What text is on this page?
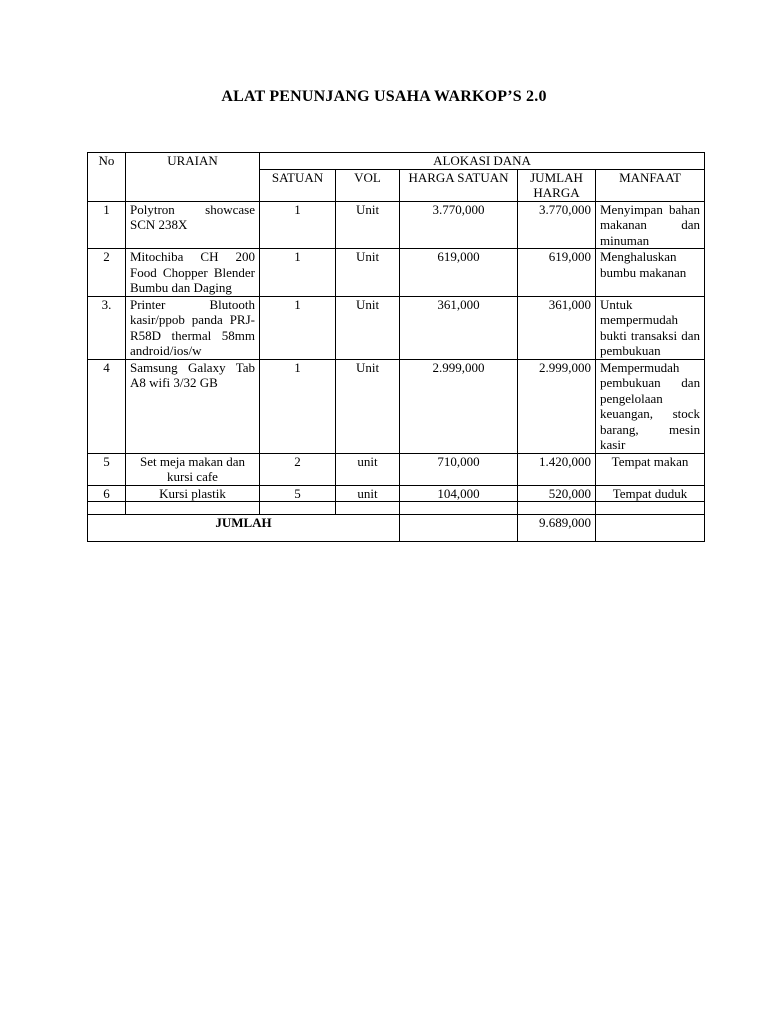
ALAT PENUNJANG USAHA WARKOP’S 2.0
No	URAIAN	ALOKASI DANA				
		SATUAN	VOL	HARGA SATUAN	JUMLAH HARGA	MANFAAT
1	Polytron showcase SCN 238X	1	Unit	3.770,000	3.770,000	Menyimpan bahan makanan dan minuman
2	Mitochiba CH 200 Food Chopper Blender Bumbu dan Daging	1	Unit	619,000	619,000	Menghaluskan bumbu makanan
3.	Printer Blutooth kasir/ppob panda PRJ-R58D thermal 58mm android/ios/w	1	Unit	361,000	361,000	Untuk mempermudah bukti transaksi dan pembukuan
4	Samsung Galaxy Tab A8 wifi 3/32 GB	1	Unit	2.999,000	2.999,000	Mempermudah pembukuan dan pengelolaan keuangan, stock barang, mesin kasir
5	Set meja makan dan kursi cafe	2	unit	710,000	1.420,000	Tempat makan
6	Kursi plastik	5	unit	104,000	520,000	Tempat duduk

JUMLAH					9.689,000	
